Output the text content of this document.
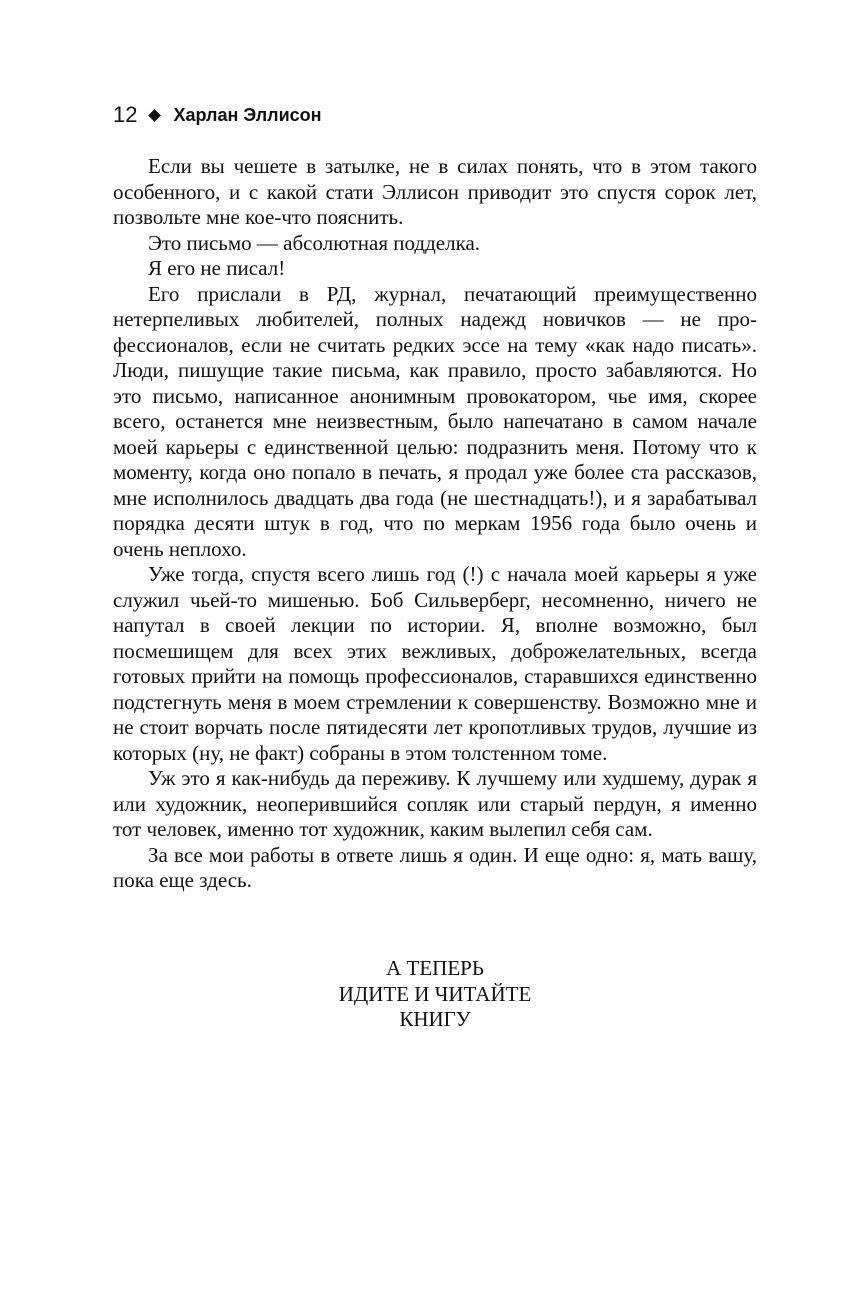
12 Харлан Эллисон

Если вы чешете в затылке, не в силах понять, что в этом такого особенного, и с какой стати Эллисон приводит это спустя сорок лет, позвольте мне кое-что пояснить.

Это письмо — абсолютная подделка.

Я его не писал!

Его прислали в РД, журнал, печатающий преимущественно нетерпеливых любителей, полных надежд новичков — не профессионалов, если не считать редких эссе на тему «как надо писать». Люди, пишущие такие письма, как правило, просто забавляются. Но это письмо, написанное анонимным провокатором, чье имя, скорее всего, останется мне неизвестным, было напечатано в самом начале моей карьеры с единственной целью: подразнить меня. Потому что к моменту, когда оно попало в печать, я продал уже более ста рассказов, мне исполнилось двадцать два года (не шестнадцать!), и я зарабатывал порядка десяти штук в год, что по меркам 1956 года было очень и очень неплохо.

Уже тогда, спустя всего лишь год (!) с начала моей карьеры я уже служил чьей-то мишенью. Боб Сильверберг, несомненно, ничего не напутал в своей лекции по истории. Я, вполне возможно, был посмешищем для всех этих вежливых, доброжелательных, всегда готовых прийти на помощь профессионалов, старавшихся единственно подстегнуть меня в моем стремлении к совершенству. Возможно мне и не стоит ворчать после пятидесяти лет кропотливых трудов, лучшие из которых (ну, не факт) собраны в этом толстенном томе.

Уж это я как-нибудь да переживу. К лучшему или худшему, дурак я или художник, неоперившийся сопляк или старый пердун, я именно тот человек, именно тот художник, каким вылепил себя сам.

За все мои работы в ответе лишь я один. И еще одно: я, мать вашу, пока еще здесь.

А ТЕПЕРЬ
ИДИТЕ И ЧИТАЙТЕ
КНИГУ
